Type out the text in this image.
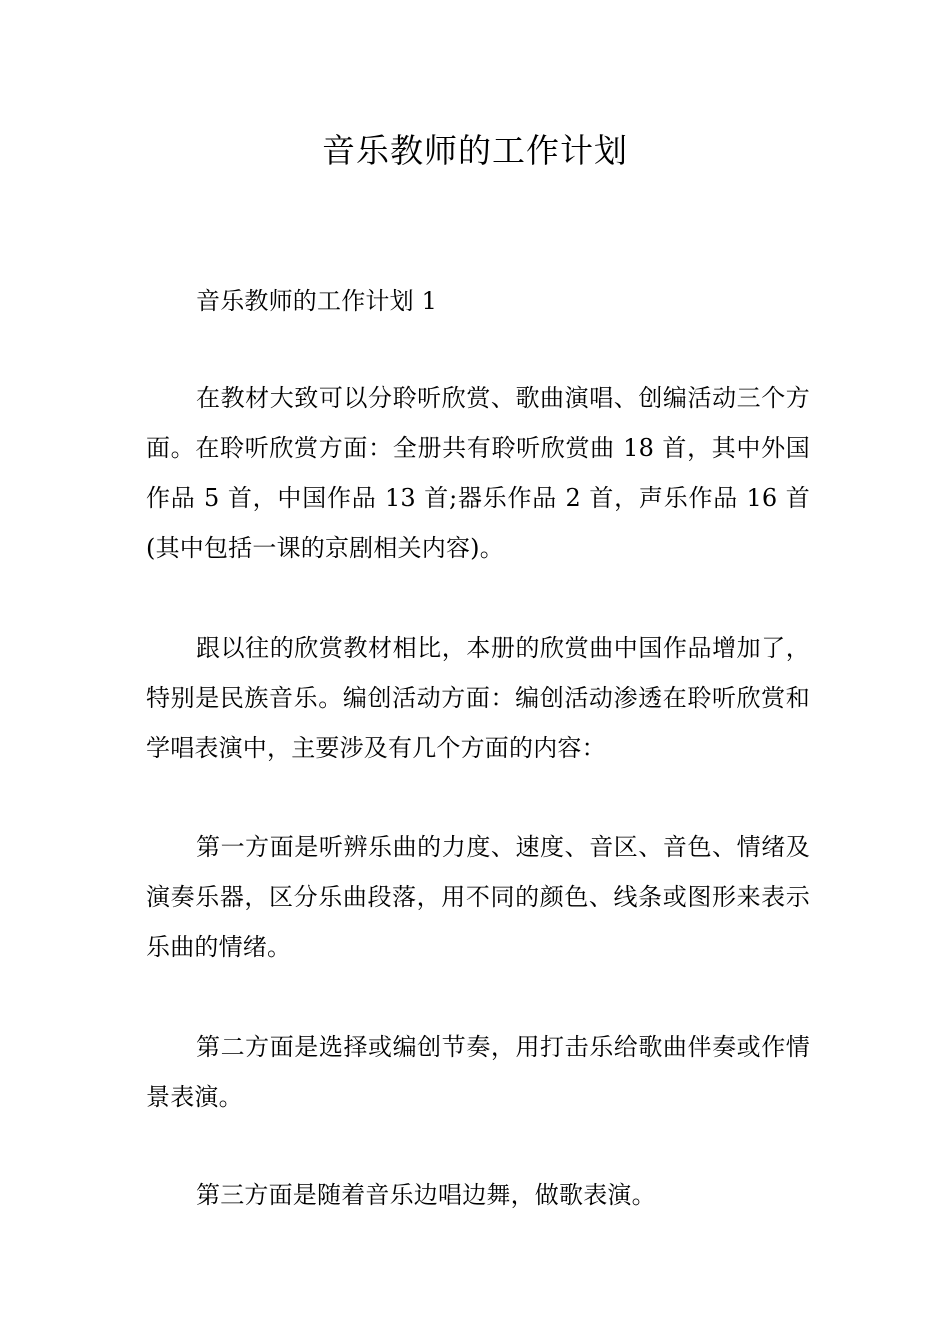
音乐教师的工作计划

音乐教师的工作计划 1

在教材大致可以分聆听欣赏、歌曲演唱、创编活动三个方面。在聆听欣赏方面：全册共有聆听欣赏曲 18 首，其中外国作品 5 首，中国作品 13 首;器乐作品 2 首，声乐作品 16 首(其中包括一课的京剧相关内容)。

跟以往的欣赏教材相比，本册的欣赏曲中国作品增加了，特别是民族音乐。编创活动方面：编创活动渗透在聆听欣赏和学唱表演中，主要涉及有几个方面的内容：

第一方面是听辨乐曲的力度、速度、音区、音色、情绪及演奏乐器，区分乐曲段落，用不同的颜色、线条或图形来表示乐曲的情绪。

第二方面是选择或编创节奏，用打击乐给歌曲伴奏或作情景表演。

第三方面是随着音乐边唱边舞，做歌表演。
